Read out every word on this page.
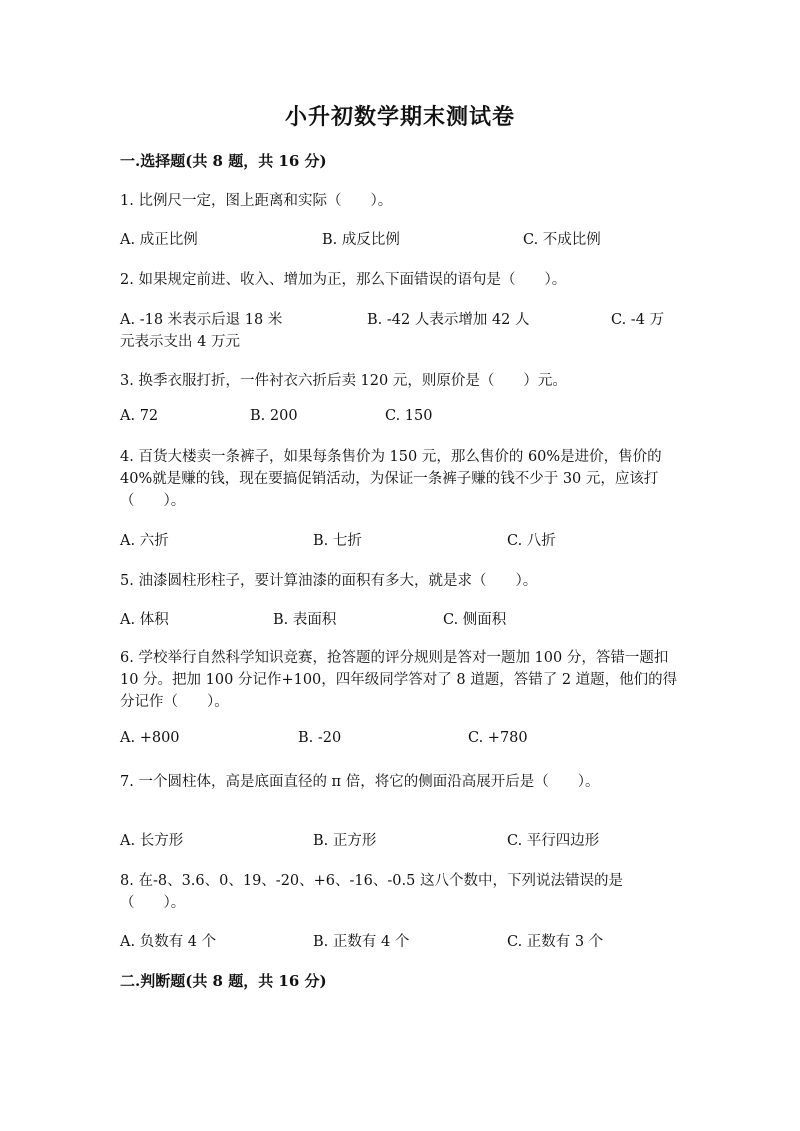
小升初数学期末测试卷
一.选择题(共 8 题，共 16 分)
1. 比例尺一定，图上距离和实际（　　）。
A. 成正比例	B. 成反比例	C. 不成比例
2. 如果规定前进、收入、增加为正，那么下面错误的语句是（　　）。
A. -18 米表示后退 18 米	B. -42 人表示增加 42 人	C. -4 万
元表示支出 4 万元
3. 换季衣服打折，一件衬衣六折后卖 120 元，则原价是（　　）元。
A. 72	B. 200	C. 150
4. 百货大楼卖一条裤子，如果每条售价为 150 元，那么售价的 60%是进价，售价的 40%就是赚的钱，现在要搞促销活动，为保证一条裤子赚的钱不少于 30 元，应该打（　　）。
A. 六折	B. 七折	C. 八折
5. 油漆圆柱形柱子，要计算油漆的面积有多大，就是求（　　）。
A. 体积	B. 表面积	C. 侧面积
6. 学校举行自然科学知识竞赛，抢答题的评分规则是答对一题加 100 分，答错一题扣 10 分。把加 100 分记作+100，四年级同学答对了 8 道题，答错了 2 道题，他们的得分记作（　　）。
A. +800	B. -20	C. +780
7. 一个圆柱体，高是底面直径的 π 倍，将它的侧面沿高展开后是（　　）。
A. 长方形	B. 正方形	C. 平行四边形
8. 在-8、3.6、0、19、-20、+6、-16、-0.5 这八个数中，下列说法错误的是（　　）。
A. 负数有 4 个	B. 正数有 4 个	C. 正数有 3 个
二.判断题(共 8 题，共 16 分)
